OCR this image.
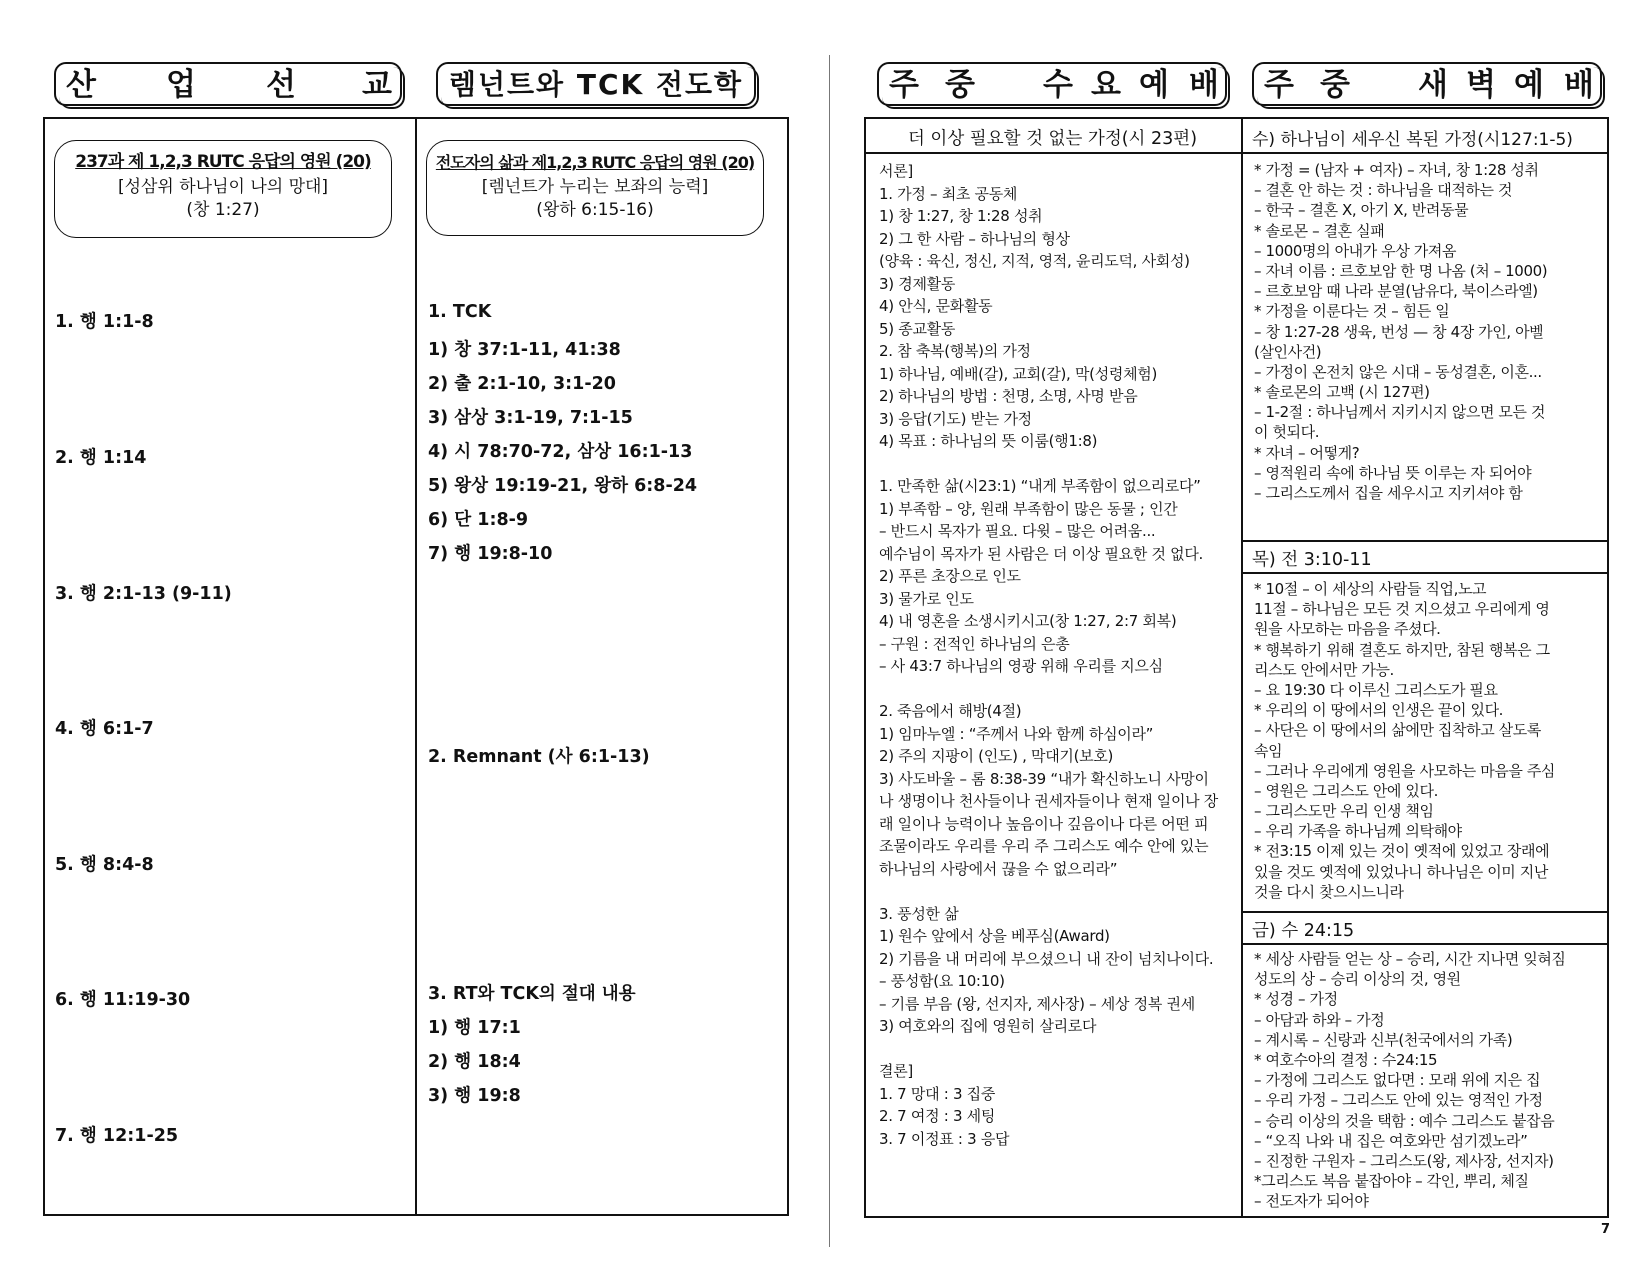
산 업 선 교 렘넌트와 TCK 전도학
237과 제 1,2,3 RUTC 응답의 영원 (20)
[성삼위 하나님이 나의 망대]
(창 1:27)
1. 행 1:1-8
2. 행 1:14
3. 행 2:1-13 (9-11)
4. 행 6:1-7
5. 행 8:4-8
6. 행 11:19-30
7. 행 12:1-25
전도자의 삶과 제1,2,3 RUTC 응답의 영원 (20)
[렘넌트가 누리는 보좌의 능력]
(왕하 6:15-16)
1. TCK
1) 창 37:1-11, 41:38
2) 출 2:1-10, 3:1-20
3) 삼상 3:1-19, 7:1-15
4) 시 78:70-72, 삼상 16:1-13
5) 왕상 19:19-21, 왕하 6:8-24
6) 단 1:8-9
7) 행 19:8-10
2. Remnant (사 6:1-13)
3. RT와 TCK의 절대 내용
1) 행 17:1
2) 행 18:4
3) 행 19:8
주 중 수 요 예 배 주 중 새 벽 예 배
더 이상 필요할 것 없는 가정(시 23편)
서론]
1. 가정 – 최초 공동체
1) 창 1:27, 창 1:28 성취
2) 그 한 사람 – 하나님의 형상
(양육 : 육신, 정신, 지적, 영적, 윤리도덕, 사회성)
3) 경제활동
4) 안식, 문화활동
5) 종교활동
2. 참 축복(행복)의 가정
1) 하나님, 예배(갈), 교회(갈), 막(성령체험)
2) 하나님의 방법 : 천명, 소명, 사명 받음
3) 응답(기도) 받는 가정
4) 목표 : 하나님의 뜻 이룸(행1:8)
1. 만족한 삶(시23:1) “내게 부족함이 없으리로다”
1) 부족함 – 양, 원래 부족함이 많은 동물 ; 인간
– 반드시 목자가 필요. 다윗 – 많은 어려움...
예수님이 목자가 된 사람은 더 이상 필요한 것 없다.
2) 푸른 초장으로 인도
3) 물가로 인도
4) 내 영혼을 소생시키시고(창 1:27, 2:7 회복)
– 구원 : 전적인 하나님의 은총
– 사 43:7 하나님의 영광 위해 우리를 지으심
2. 죽음에서 해방(4절)
1) 임마누엘 : “주께서 나와 함께 하심이라”
2) 주의 지팡이 (인도) , 막대기(보호)
3) 사도바울 – 롬 8:38-39 “내가 확신하노니 사망이
나 생명이나 천사들이나 권세자들이나 현재 일이나 장
래 일이나 능력이나 높음이나 깊음이나 다른 어떤 피
조물이라도 우리를 우리 주 그리스도 예수 안에 있는
하나님의 사랑에서 끊을 수 없으리라”
3. 풍성한 삶
1) 원수 앞에서 상을 베푸심(Award)
2) 기름을 내 머리에 부으셨으니 내 잔이 넘치나이다.
– 풍성함(요 10:10)
– 기름 부음 (왕, 선지자, 제사장) – 세상 정복 권세
3) 여호와의 집에 영원히 살리로다
결론]
1. 7 망대 : 3 집중
2. 7 여정 : 3 세팅
3. 7 이정표 : 3 응답
수) 하나님이 세우신 복된 가정(시127:1-5)
* 가정 = (남자 + 여자) – 자녀, 창 1:28 성취
– 결혼 안 하는 것 : 하나님을 대적하는 것
– 한국 – 결혼 X, 아기 X, 반려동물
* 솔로몬 – 결혼 실패
– 1000명의 아내가 우상 가져옴
– 자녀 이름 : 르호보암 한 명 나옴 (처 – 1000)
– 르호보암 때 나라 분열(남유다, 북이스라엘)
* 가정을 이룬다는 것 – 힘든 일
– 창 1:27-28 생육, 번성 — 창 4장 가인, 아벨
(살인사건)
– 가정이 온전치 않은 시대 – 동성결혼, 이혼...
* 솔로몬의 고백 (시 127편)
– 1-2절 : 하나님께서 지키시지 않으면 모든 것
이 헛되다.
* 자녀 – 어떻게?
– 영적원리 속에 하나님 뜻 이루는 자 되어야
– 그리스도께서 집을 세우시고 지키셔야 함
목) 전 3:10-11
* 10절 – 이 세상의 사람들 직업,노고
11절 – 하나님은 모든 것 지으셨고 우리에게 영
원을 사모하는 마음을 주셨다.
* 행복하기 위해 결혼도 하지만, 참된 행복은 그
리스도 안에서만 가능.
– 요 19:30 다 이루신 그리스도가 필요
* 우리의 이 땅에서의 인생은 끝이 있다.
– 사단은 이 땅에서의 삶에만 집착하고 살도록
속임
– 그러나 우리에게 영원을 사모하는 마음을 주심
– 영원은 그리스도 안에 있다.
– 그리스도만 우리 인생 책임
– 우리 가족을 하나님께 의탁해야
* 전3:15 이제 있는 것이 옛적에 있었고 장래에
있을 것도 옛적에 있었나니 하나님은 이미 지난
것을 다시 찾으시느니라
금) 수 24:15
* 세상 사람들 얻는 상 – 승리, 시간 지나면 잊혀짐
성도의 상 – 승리 이상의 것, 영원
* 성경 – 가정
– 아담과 하와 – 가정
– 계시록 – 신랑과 신부(천국에서의 가족)
* 여호수아의 결정 : 수24:15
– 가정에 그리스도 없다면 : 모래 위에 지은 집
– 우리 가정 – 그리스도 안에 있는 영적인 가정
– 승리 이상의 것을 택함 : 예수 그리스도 붙잡음
– “오직 나와 내 집은 여호와만 섬기겠노라”
– 진정한 구원자 – 그리스도(왕, 제사장, 선지자)
*그리스도 복음 붙잡아야 – 각인, 뿌리, 체질
– 전도자가 되어야
7
